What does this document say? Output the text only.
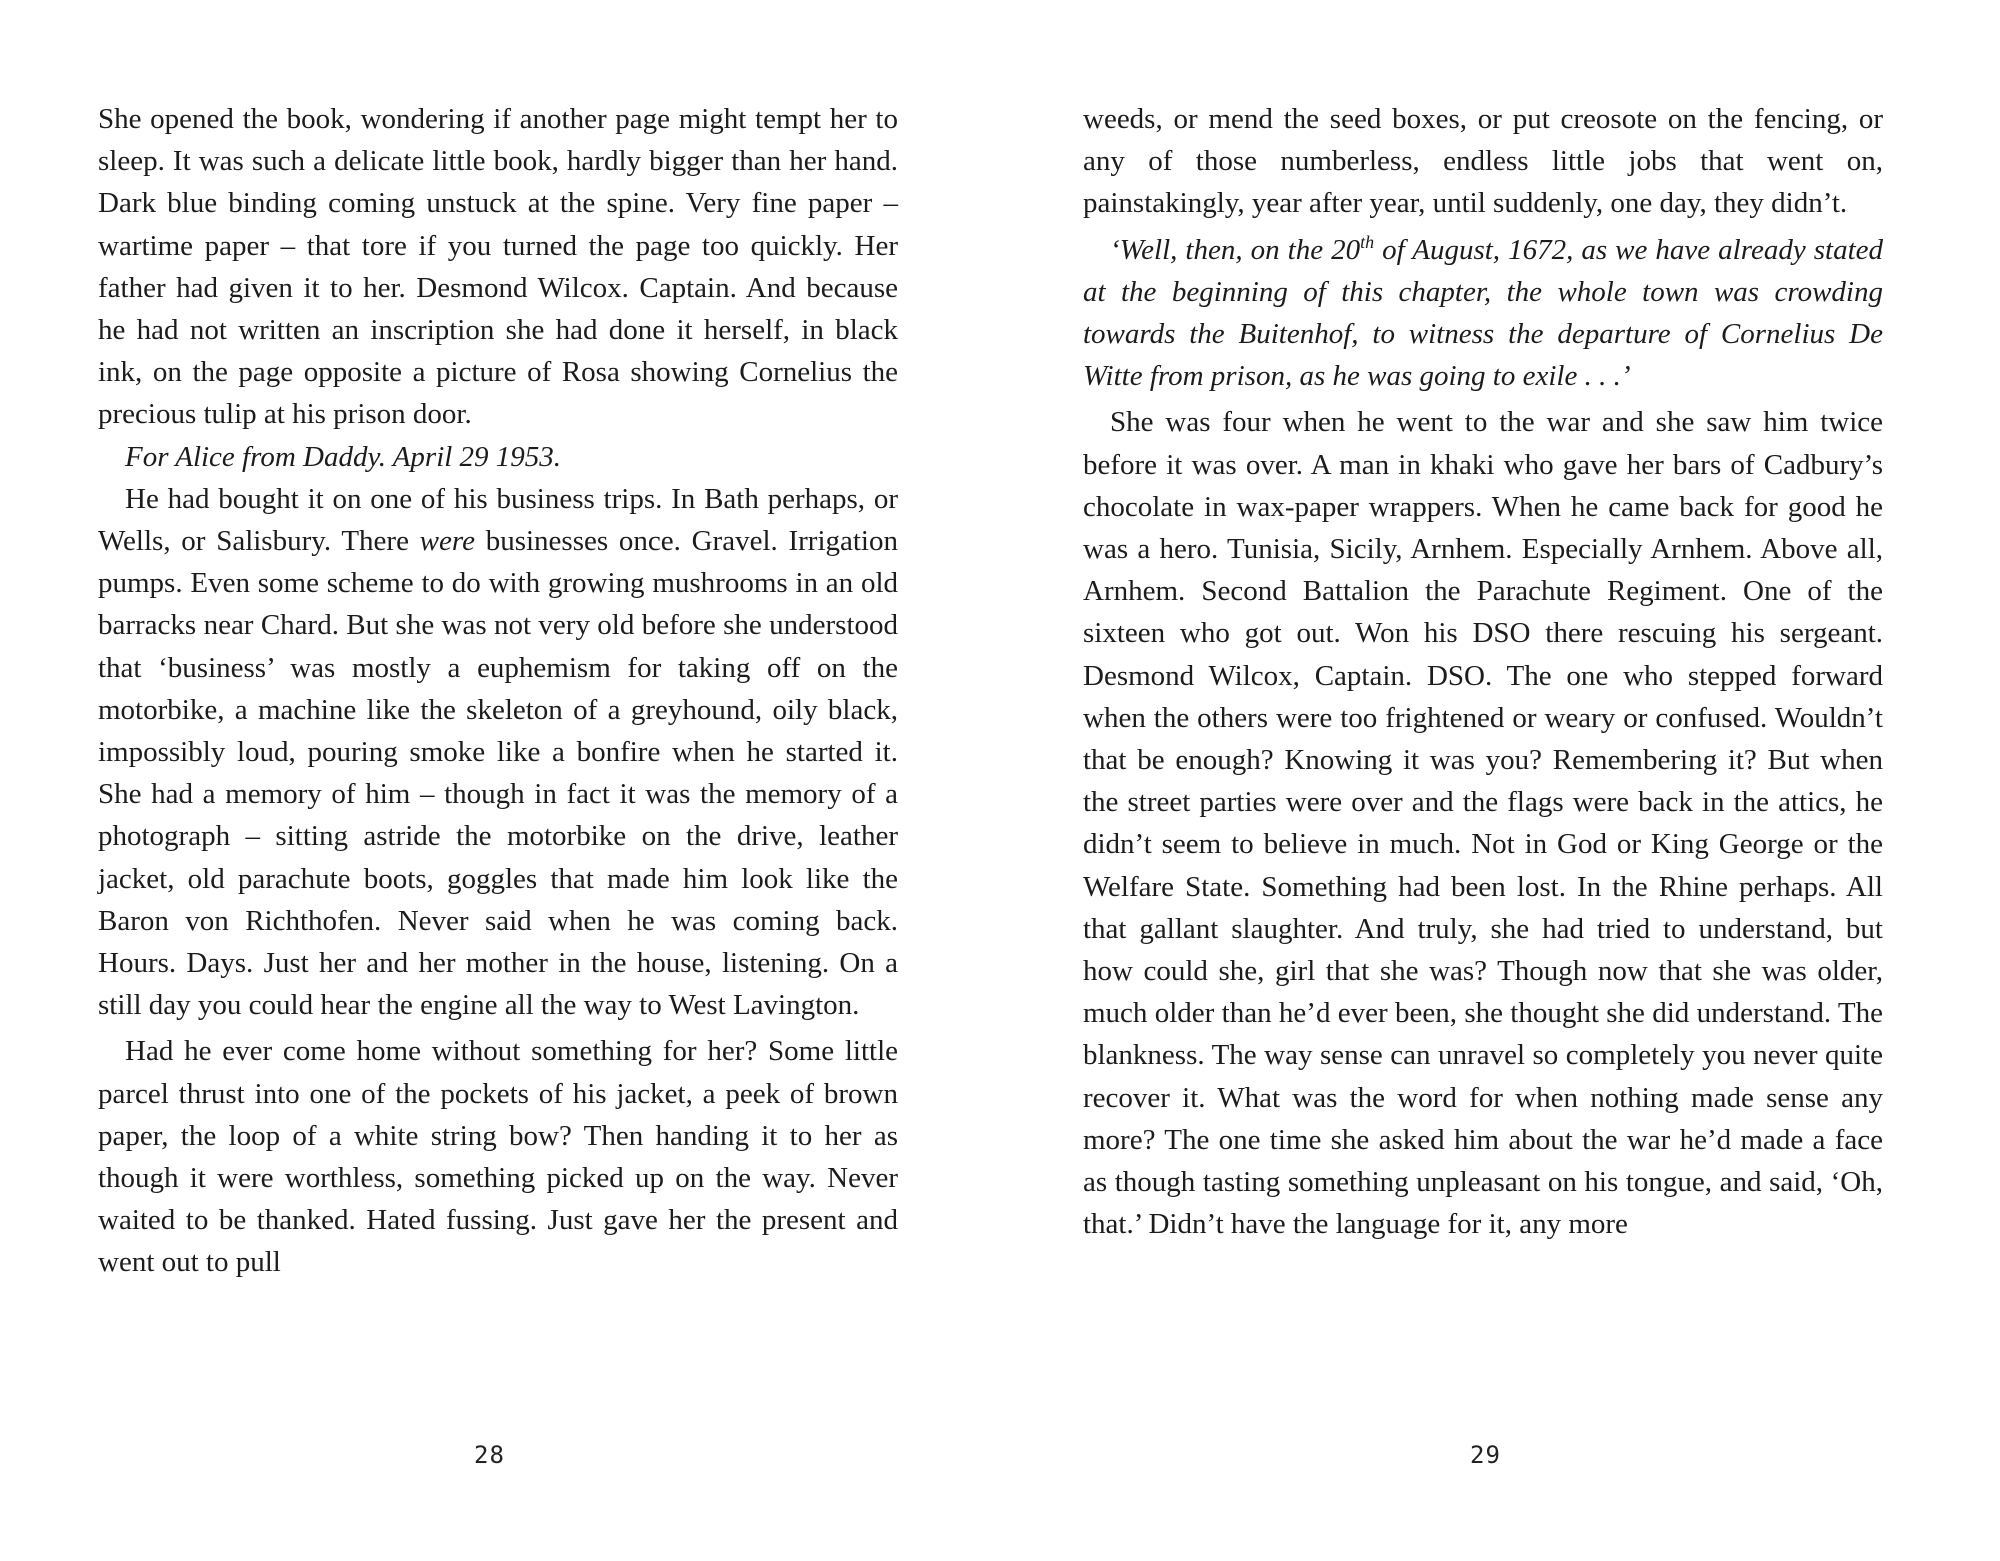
She opened the book, wondering if another page might tempt her to sleep. It was such a delicate little book, hardly bigger than her hand. Dark blue binding coming unstuck at the spine. Very fine paper – wartime paper – that tore if you turned the page too quickly. Her father had given it to her. Desmond Wilcox. Captain. And because he had not written an inscription she had done it herself, in black ink, on the page opposite a picture of Rosa showing Cornelius the precious tulip at his prison door.

For Alice from Daddy. April 29 1953.

He had bought it on one of his business trips. In Bath perhaps, or Wells, or Salisbury. There were businesses once. Gravel. Irrigation pumps. Even some scheme to do with growing mushrooms in an old barracks near Chard. But she was not very old before she understood that ‘business’ was mostly a euphemism for taking off on the motorbike, a machine like the skeleton of a greyhound, oily black, impossibly loud, pouring smoke like a bonfire when he started it. She had a memory of him – though in fact it was the memory of a photograph – sitting astride the motorbike on the drive, leather jacket, old parachute boots, goggles that made him look like the Baron von Richthofen. Never said when he was coming back. Hours. Days. Just her and her mother in the house, listening. On a still day you could hear the engine all the way to West Lavington.

Had he ever come home without something for her? Some little parcel thrust into one of the pockets of his jacket, a peek of brown paper, the loop of a white string bow? Then handing it to her as though it were worthless, something picked up on the way. Never waited to be thanked. Hated fussing. Just gave her the present and went out to pull

weeds, or mend the seed boxes, or put creosote on the fencing, or any of those numberless, endless little jobs that went on, painstakingly, year after year, until suddenly, one day, they didn’t.

‘Well, then, on the 20th of August, 1672, as we have already stated at the beginning of this chapter, the whole town was crowding towards the Buitenhof, to witness the departure of Cornelius De Witte from prison, as he was going to exile . . .’

She was four when he went to the war and she saw him twice before it was over. A man in khaki who gave her bars of Cadbury’s chocolate in wax-paper wrappers. When he came back for good he was a hero. Tunisia, Sicily, Arnhem. Especially Arnhem. Above all, Arnhem. Second Battalion the Parachute Regiment. One of the sixteen who got out. Won his DSO there rescuing his sergeant. Desmond Wilcox, Captain. DSO. The one who stepped forward when the others were too frightened or weary or confused. Wouldn’t that be enough? Knowing it was you? Remembering it? But when the street parties were over and the flags were back in the attics, he didn’t seem to believe in much. Not in God or King George or the Welfare State. Something had been lost. In the Rhine perhaps. All that gallant slaughter. And truly, she had tried to understand, but how could she, girl that she was? Though now that she was older, much older than he’d ever been, she thought she did understand. The blankness. The way sense can unravel so completely you never quite recover it. What was the word for when nothing made sense any more? The one time she asked him about the war he’d made a face as though tasting something unpleasant on his tongue, and said, ‘Oh, that.’ Didn’t have the language for it, any more

28	29
